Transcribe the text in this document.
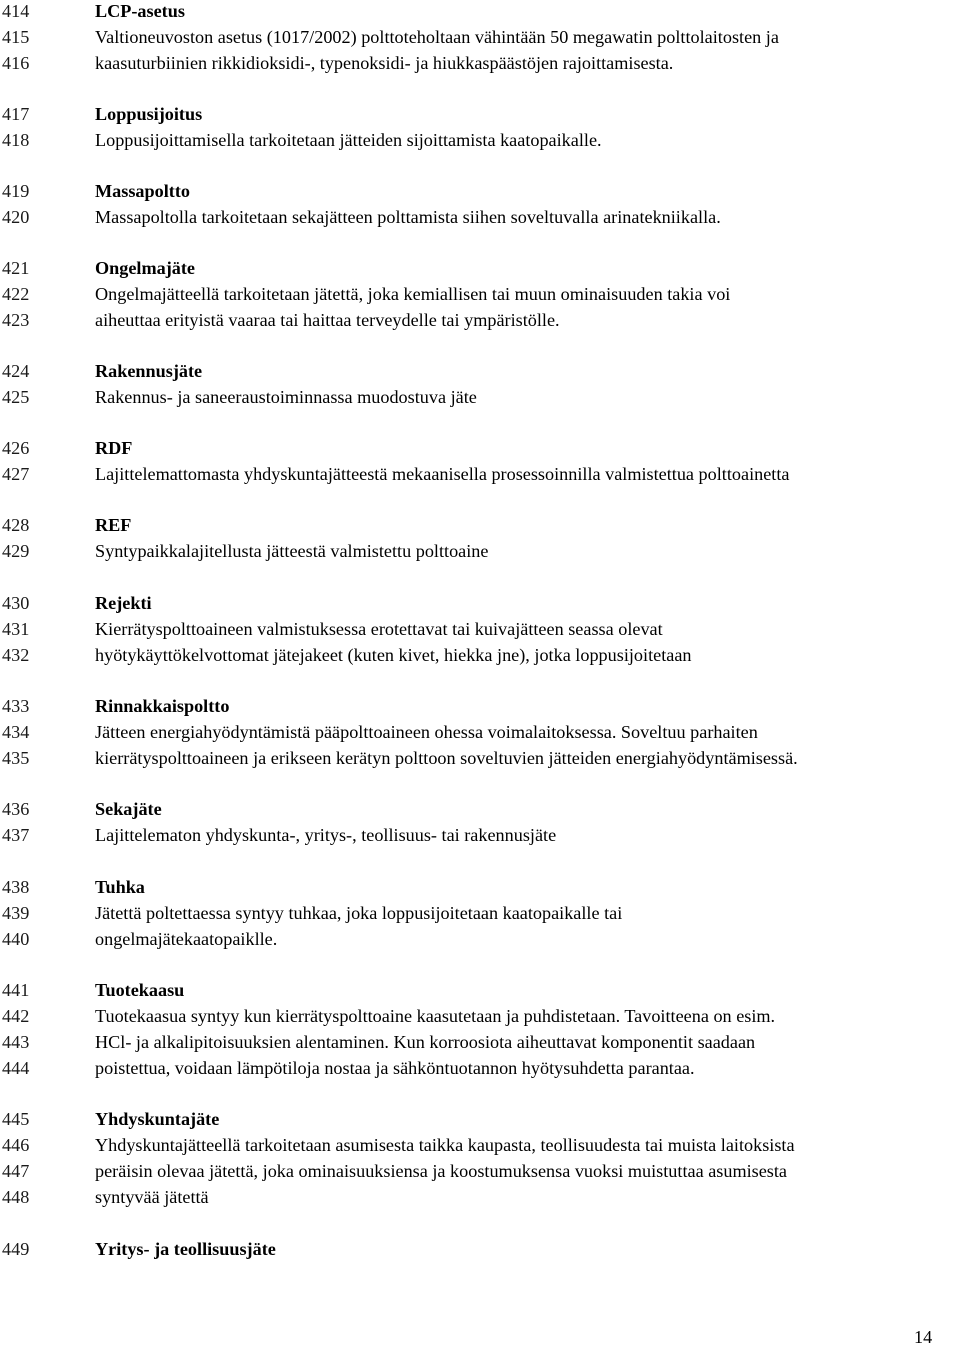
414	LCP-asetus
415	Valtioneuvoston asetus (1017/2002) polttoteholtaan vähintään 50 megawatin polttolaitosten ja
416	kaasuturbiinien rikkidioksidi-, typenoksidi- ja hiukkaspäästöjen rajoittamisesta.
417	Loppusijoitus
418	Loppusijoittamisella tarkoitetaan jätteiden sijoittamista kaatopaikalle.
419	Massapoltto
420	Massapoltolla tarkoitetaan sekajätteen polttamista siihen soveltuvalla arinatekniikalla.
421	Ongelmajäte
422	Ongelmajätteellä tarkoitetaan jätettä, joka kemiallisen tai muun ominaisuuden takia voi
423	aiheuttaa erityistä vaaraa tai haittaa terveydelle tai ympäristölle.
424	Rakennusjäte
425	Rakennus- ja saneeraustoiminnassa muodostuva jäte
426	RDF
427	Lajittelemattomasta yhdyskuntajätteestä mekaanisella prosessoinnilla valmistettua polttoainetta
428	REF
429	Syntypaikkalajitellusta jätteestä valmistettu polttoaine
430	Rejekti
431	Kierrätyspolttoaineen valmistuksessa erotettavat tai kuivajätteen seassa olevat
432	hyötykäyttökelvottomat jätejakeet (kuten kivet, hiekka jne), jotka loppusijoitetaan
433	Rinnakkaispoltto
434	Jätteen energiahyödyntämistä pääpolttoaineen ohessa voimalaitoksessa. Soveltuu parhaiten
435	kierrätyspolttoaineen ja erikseen kerätyn polttoon soveltuvien jätteiden energiahyödyntämisessä.
436	Sekajäte
437	Lajittelematon yhdyskunta-, yritys-, teollisuus- tai rakennusjäte
438	Tuhka
439	Jätettä poltettaessa syntyy tuhkaa, joka loppusijoitetaan kaatopaikalle tai
440	ongelmajätekaatopaiklle.
441	Tuotekaasu
442	Tuotekaasua syntyy kun kierrätyspolttoaine kaasutetaan ja puhdistetaan. Tavoitteena on esim.
443	HCl- ja alkalipitoisuuksien alentaminen. Kun korroosiota aiheuttavat komponentit saadaan
444	poistettua, voidaan lämpötiloja nostaa ja sähköntuotannon hyötysuhdetta parantaa.
445	Yhdyskuntajäte
446	Yhdyskuntajätteellä tarkoitetaan asumisesta taikka kaupasta, teollisuudesta tai muista laitoksista
447	peräisin olevaa jätettä, joka ominaisuuksiensa ja koostumuksensa vuoksi muistuttaa asumisesta
448	syntyvää jätettä
449	Yritys- ja teollisuusjäte
14
